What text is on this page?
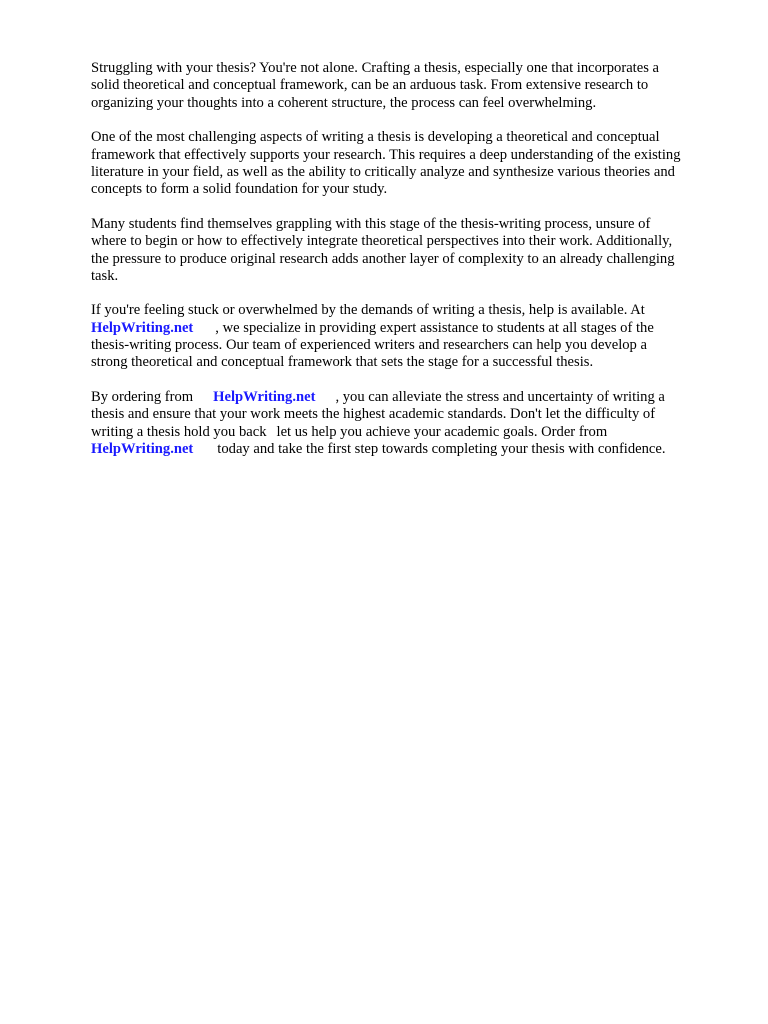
Struggling with your thesis? You're not alone. Crafting a thesis, especially one that incorporates a
solid theoretical and conceptual framework, can be an arduous task. From extensive research to
organizing your thoughts into a coherent structure, the process can feel overwhelming.

One of the most challenging aspects of writing a thesis is developing a theoretical and conceptual
framework that effectively supports your research. This requires a deep understanding of the existing
literature in your field, as well as the ability to critically analyze and synthesize various theories and
concepts to form a solid foundation for your study.

Many students find themselves grappling with this stage of the thesis-writing process, unsure of
where to begin or how to effectively integrate theoretical perspectives into their work. Additionally,
the pressure to produce original research adds another layer of complexity to an already challenging
task.

If you're feeling stuck or overwhelmed by the demands of writing a thesis, help is available. At
HelpWriting.net , we specialize in providing expert assistance to students at all stages of the
thesis-writing process. Our team of experienced writers and researchers can help you develop a
strong theoretical and conceptual framework that sets the stage for a successful thesis.

By ordering from HelpWriting.net , you can alleviate the stress and uncertainty of writing a
thesis and ensure that your work meets the highest academic standards. Don't let the difficulty of
writing a thesis hold you back let us help you achieve your academic goals. Order from
HelpWriting.net today and take the first step towards completing your thesis with confidence.
